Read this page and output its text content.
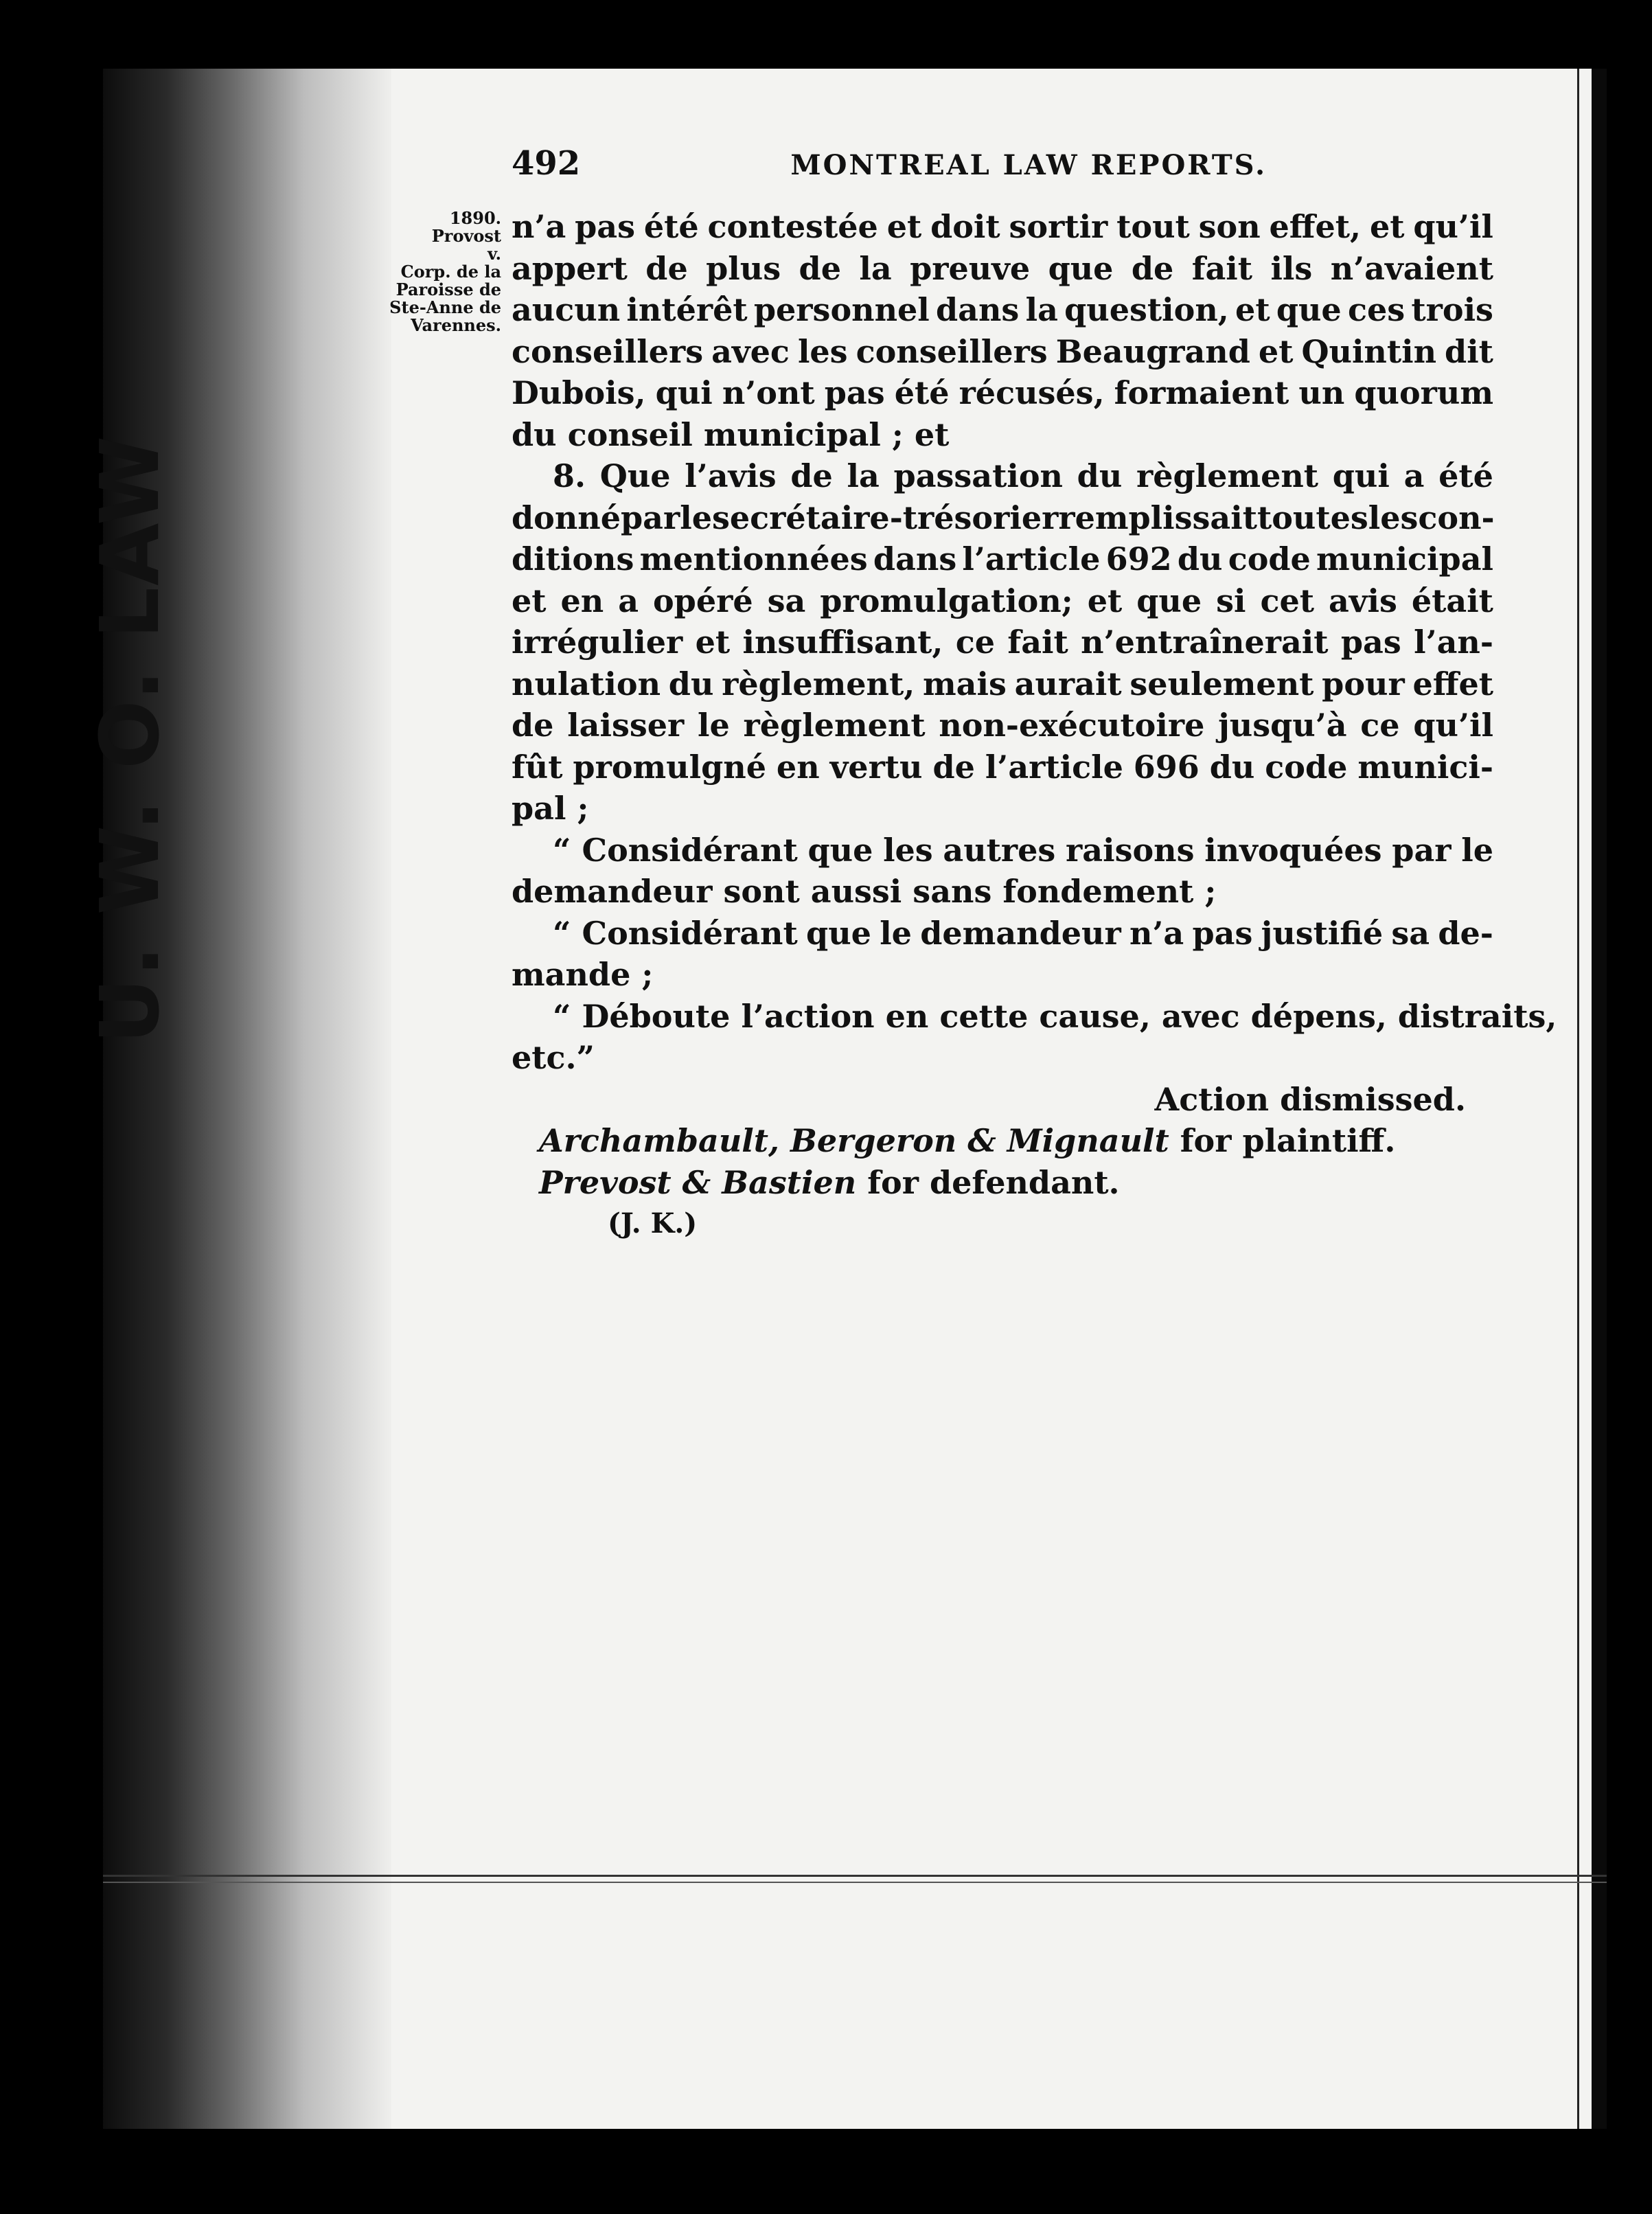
U. W. O. LAW
492	MONTREAL LAW REPORTS.
1890.
Provost
v.
Corp. de la
Paroisse de
Ste-Anne de
Varennes.
n’a pas été contestée et doit sortir tout son effet, et qu’il
appert de plus de la preuve que de fait ils n’avaient
aucun intérêt personnel dans la question, et que ces trois
conseillers avec les conseillers Beaugrand et Quintin dit
Dubois, qui n’ont pas été récusés, formaient un quorum
du conseil municipal ; et
8. Que l’avis de la passation du règlement qui a été
donné par le secrétaire-trésorier remplissait toutes les con-
ditions mentionnées dans l’article 692 du code municipal
et en a opéré sa promulgation; et que si cet avis était
irrégulier et insuffisant, ce fait n’entraînerait pas l’an-
nulation du règlement, mais aurait seulement pour effet
de laisser le règlement non-exécutoire jusqu’à ce qu’il
fût promulgné en vertu de l’article 696 du code munici-
pal ;
“ Considérant que les autres raisons invoquées par le
demandeur sont aussi sans fondement ;
“ Considérant que le demandeur n’a pas justifié sa de-
mande ;
“ Déboute l’action en cette cause, avec dépens, distraits,
etc.”
Action dismissed.
Archambault, Bergeron & Mignault for plaintiff.
Prevost & Bastien for defendant.
(J. K.)
